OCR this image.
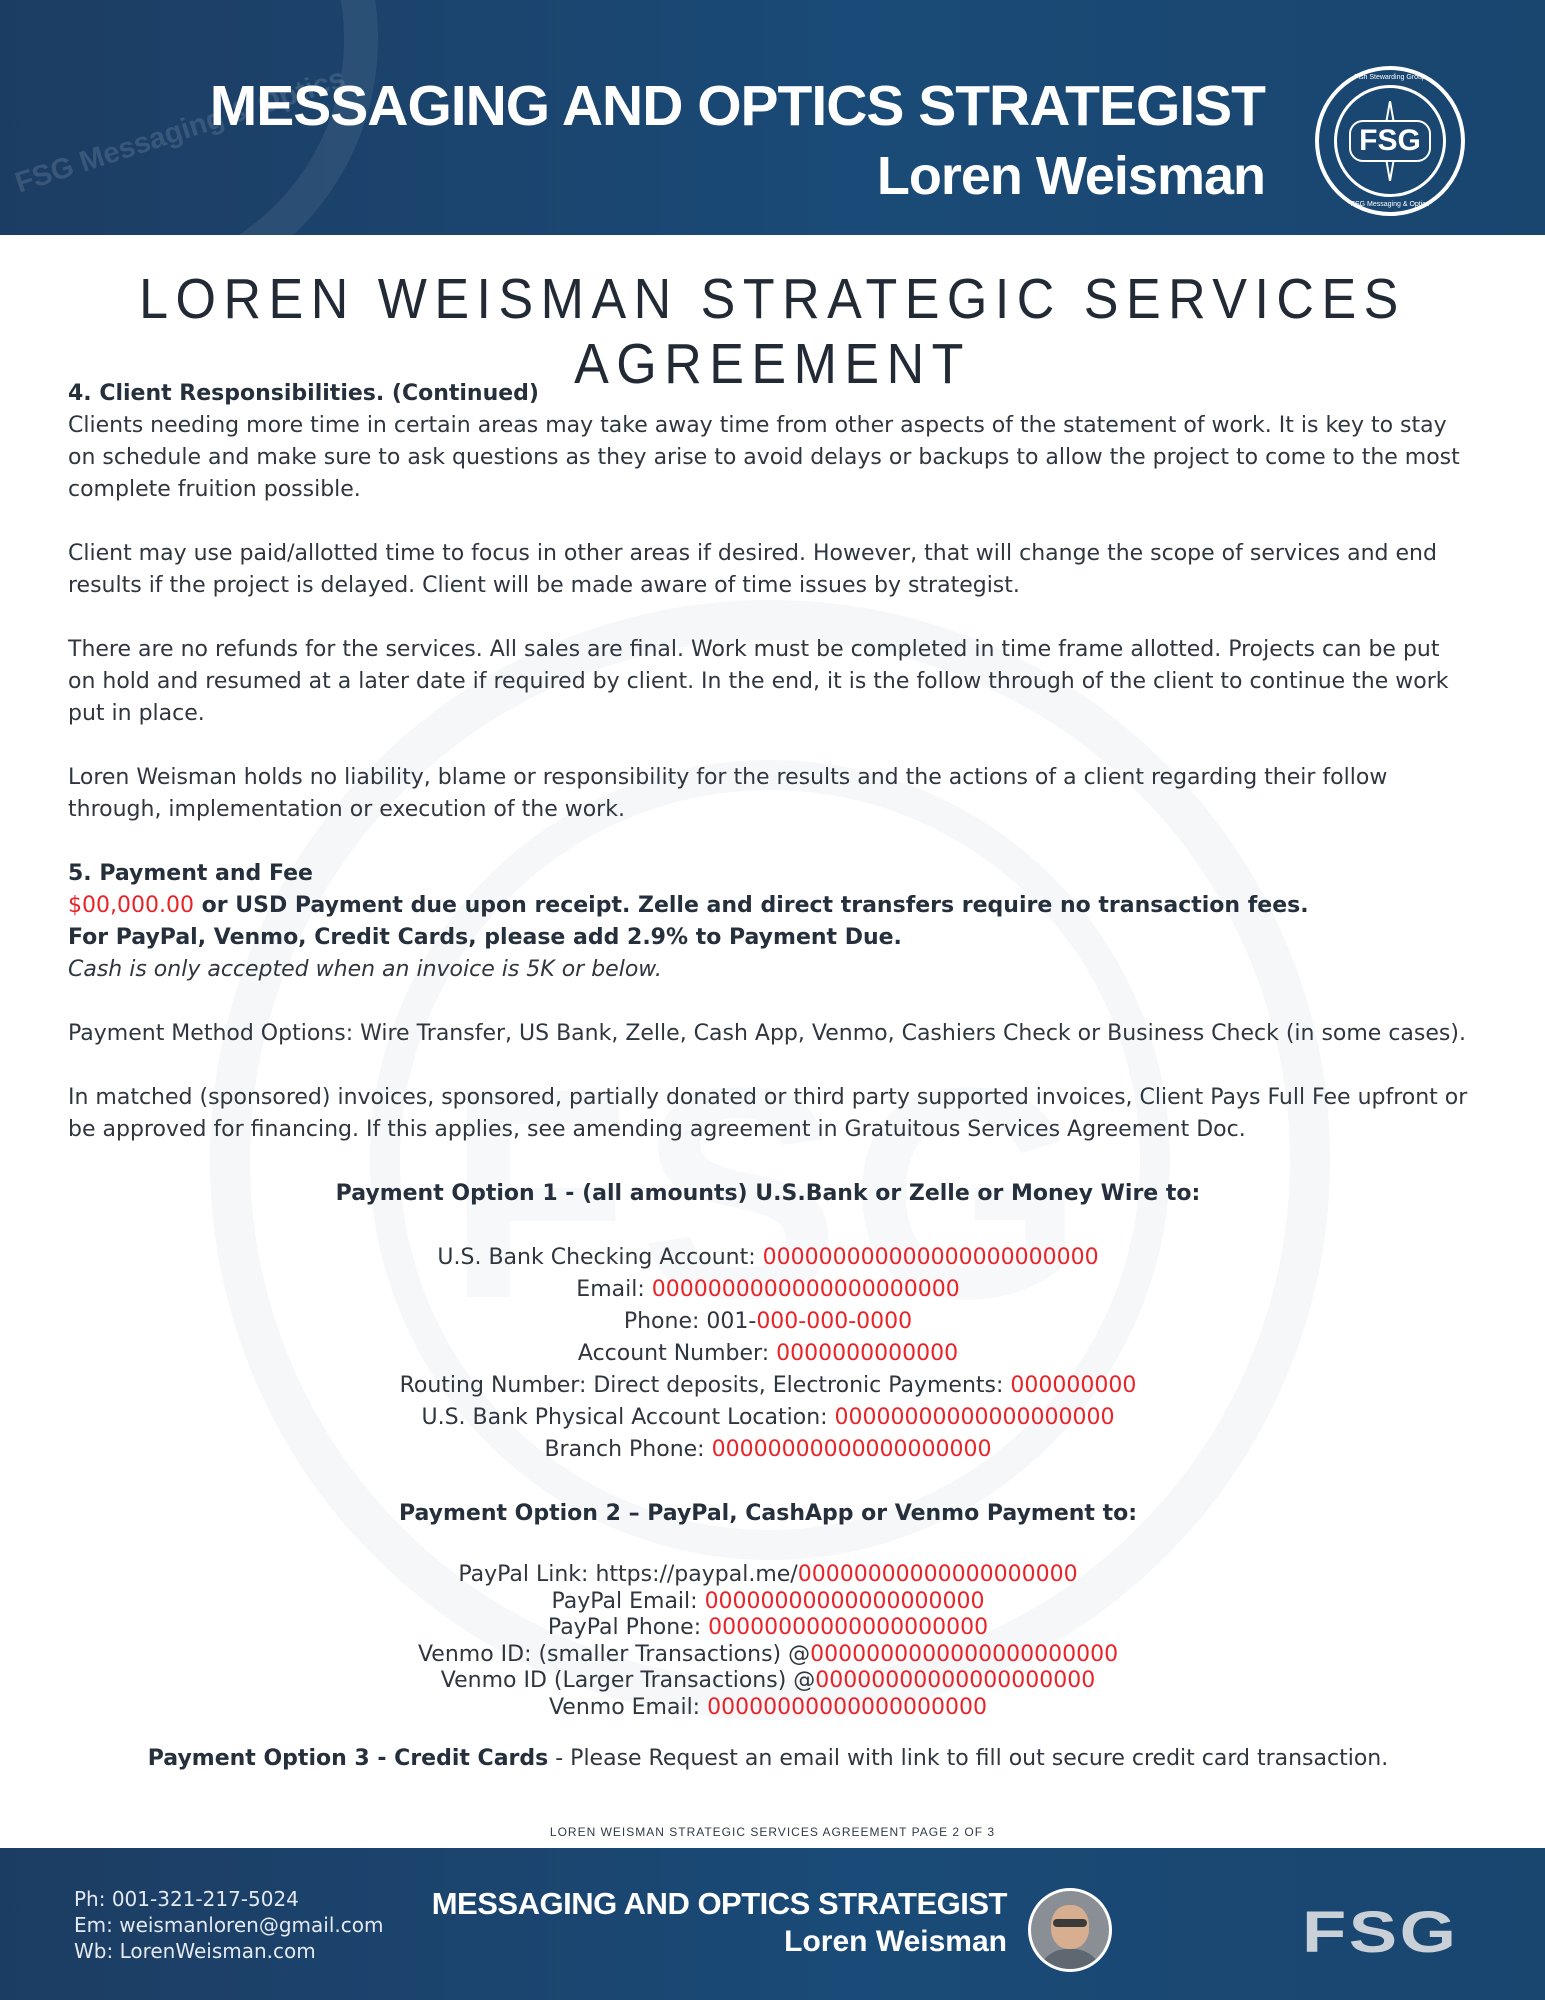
FSG Messaging & Optics
MESSAGING AND OPTICS STRATEGIST
Loren Weisman
Fish Stewarding Group
FSG
FSG Messaging & Optics
LOREN WEISMAN STRATEGIC SERVICES AGREEMENT

4. Client Responsibilities. (Continued)

Clients needing more time in certain areas may take away time from other aspects of the statement of work. It is key to stay on schedule and make sure to ask questions as they arise to avoid delays or backups to allow the project to come to the most complete fruition possible.

Client may use paid/allotted time to focus in other areas if desired. However, that will change the scope of services and end results if the project is delayed. Client will be made aware of time issues by strategist.

There are no refunds for the services. All sales are final. Work must be completed in time frame allotted. Projects can be put on hold and resumed at a later date if required by client. In the end, it is the follow through of the client to continue the work put in place.

Loren Weisman holds no liability, blame or responsibility for the results and the actions of a client regarding their follow through, implementation or execution of the work.

5. Payment and Fee

$00,000.00 or USD Payment due upon receipt. Zelle and direct transfers require no transaction fees.

For PayPal, Venmo, Credit Cards, please add 2.9% to Payment Due.

Cash is only accepted when an invoice is 5K or below.

Payment Method Options: Wire Transfer, US Bank, Zelle, Cash App, Venmo, Cashiers Check or Business Check (in some cases).

In matched (sponsored) invoices, sponsored, partially donated or third party supported invoices, Client Pays Full Fee upfront or be approved for financing. If this applies, see amending agreement in Gratuitous Services Agreement Doc.

Payment Option 1 - (all amounts) U.S.Bank or Zelle or Money Wire to:

U.S. Bank Checking Account: 000000000000000000000000

Email: 0000000000000000000000

Phone: 001-000-000-0000

Account Number: 0000000000000

Routing Number: Direct deposits, Electronic Payments: 000000000

U.S. Bank Physical Account Location: 00000000000000000000

Branch Phone: 00000000000000000000

Payment Option 2 – PayPal, CashApp or Venmo Payment to:

PayPal Link: https://paypal.me/00000000000000000000

PayPal Email: 00000000000000000000

PayPal Phone: 00000000000000000000

Venmo ID: (smaller Transactions) @0000000000000000000000

Venmo ID (Larger Transactions) @00000000000000000000

Venmo Email: 00000000000000000000

Payment Option 3 - Credit Cards - Please Request an email with link to fill out secure credit card transaction.

LOREN WEISMAN STRATEGIC SERVICES AGREEMENT PAGE 2 OF 3
Ph: 001-321-217-5024
Em: weismanloren@gmail.com
Wb: LorenWeisman.com
MESSAGING AND OPTICS STRATEGIST
Loren Weisman	FSG
